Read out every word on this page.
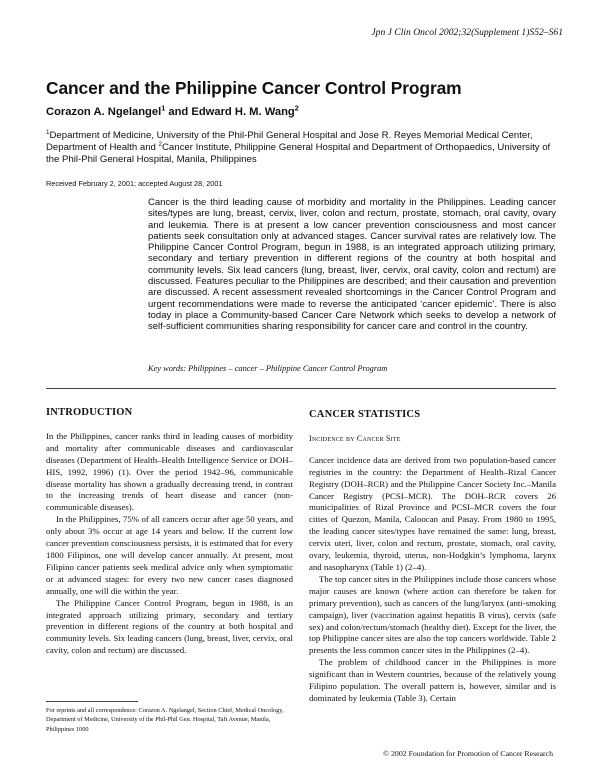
Jpn J Clin Oncol 2002;32(Supplement 1)S52–S61
Cancer and the Philippine Cancer Control Program
Corazon A. Ngelangel$^1$ and Edward H. M. Wang$^2$
$^1$Department of Medicine, University of the Phil-Phil General Hospital and Jose R. Reyes Memorial Medical Center, Department of Health and $^2$Cancer Institute, Philippine General Hospital and Department of Orthopaedics, University of the Phil-Phil General Hospital, Manila, Philippines
Received February 2, 2001; accepted August 28, 2001
Cancer is the third leading cause of morbidity and mortality in the Philippines. Leading cancer sites/types are lung, breast, cervix, liver, colon and rectum, prostate, stomach, oral cavity, ovary and leukemia. There is at present a low cancer prevention consciousness and most cancer patients seek consultation only at advanced stages. Cancer survival rates are relatively low. The Philippine Cancer Control Program, begun in 1988, is an integrated approach utilizing primary, secondary and tertiary prevention in different regions of the country at both hospital and community levels. Six lead cancers (lung, breast, liver, cervix, oral cavity, colon and rectum) are discussed. Features peculiar to the Philippines are described; and their causation and prevention are discussed. A recent assessment revealed shortcomings in the Cancer Control Program and urgent recommendations were made to reverse the anticipated ‘cancer epidemic’. There is also today in place a Community-based Cancer Care Network which seeks to develop a network of self-sufficient communities sharing responsibility for cancer care and control in the country.
Key words: Philippines – cancer – Philippine Cancer Control Program
INTRODUCTION

In the Philippines, cancer ranks third in leading causes of morbidity and mortality after communicable diseases and cardiovascular diseases (Department of Health–Health Intelligence Service or DOH–HIS, 1992, 1996) (1). Over the period 1942–96, communicable disease mortality has shown a gradually decreasing trend, in contrast to the increasing trends of heart disease and cancer (non-communicable diseases).

In the Philippines, 75% of all cancers occur after age 50 years, and only about 3% occur at age 14 years and below. If the current low cancer prevention consciousness persists, it is estimated that for every 1800 Filipinos, one will develop cancer annually. At present, most Filipino cancer patients seek medical advice only when symptomatic or at advanced stages: for every two new cancer cases diagnosed annually, one will die within the year.

The Philippine Cancer Control Program, begun in 1988, is an integrated approach utilizing primary, secondary and tertiary prevention in different regions of the country at both hospital and community levels. Six leading cancers (lung, breast, liver, cervix, oral cavity, colon and rectum) are discussed.

CANCER STATISTICS
Incidence by Cancer Site

Cancer incidence data are derived from two population-based cancer registries in the country: the Department of Health–Rizal Cancer Registry (DOH–RCR) and the Philippine Cancer Society Inc.–Manila Cancer Registry (PCSI–MCR). The DOH–RCR covers 26 municipalities of Rizal Province and PCSI–MCR covers the four cities of Quezon, Manila, Caloocan and Pasay. From 1980 to 1995, the leading cancer sites/types have remained the same: lung, breast, cervix uteri, liver, colon and rectum, prostate, stomach, oral cavity, ovary, leukemia, thyroid, uterus, non-Hodgkin’s lymphoma, larynx and nasopharynx (Table 1) (2–4).

The top cancer sites in the Philippines include those cancers whose major causes are known (where action can therefore be taken for primary prevention), such as cancers of the lung/larynx (anti-smoking campaign), liver (vaccination against hepatitis B virus), cervix (safe sex) and colon/rectum/stomach (healthy diet). Except for the liver, the top Philippine cancer sites are also the top cancers worldwide. Table 2 presents the less common cancer sites in the Philippines (2–4).

The problem of childhood cancer in the Philippines is more significant than in Western countries, because of the relatively young Filipino population. The overall pattern is, however, similar and is dominated by leukemia (Table 3). Certain

For reprints and all correspondence: Corazon A. Ngelangel, Section Chief, Medical Oncology, Department of Medicine, University of the Phil-Phil Gen. Hospital, Taft Avenue, Manila, Philippines 1000
© 2002 Foundation for Promotion of Cancer Research
